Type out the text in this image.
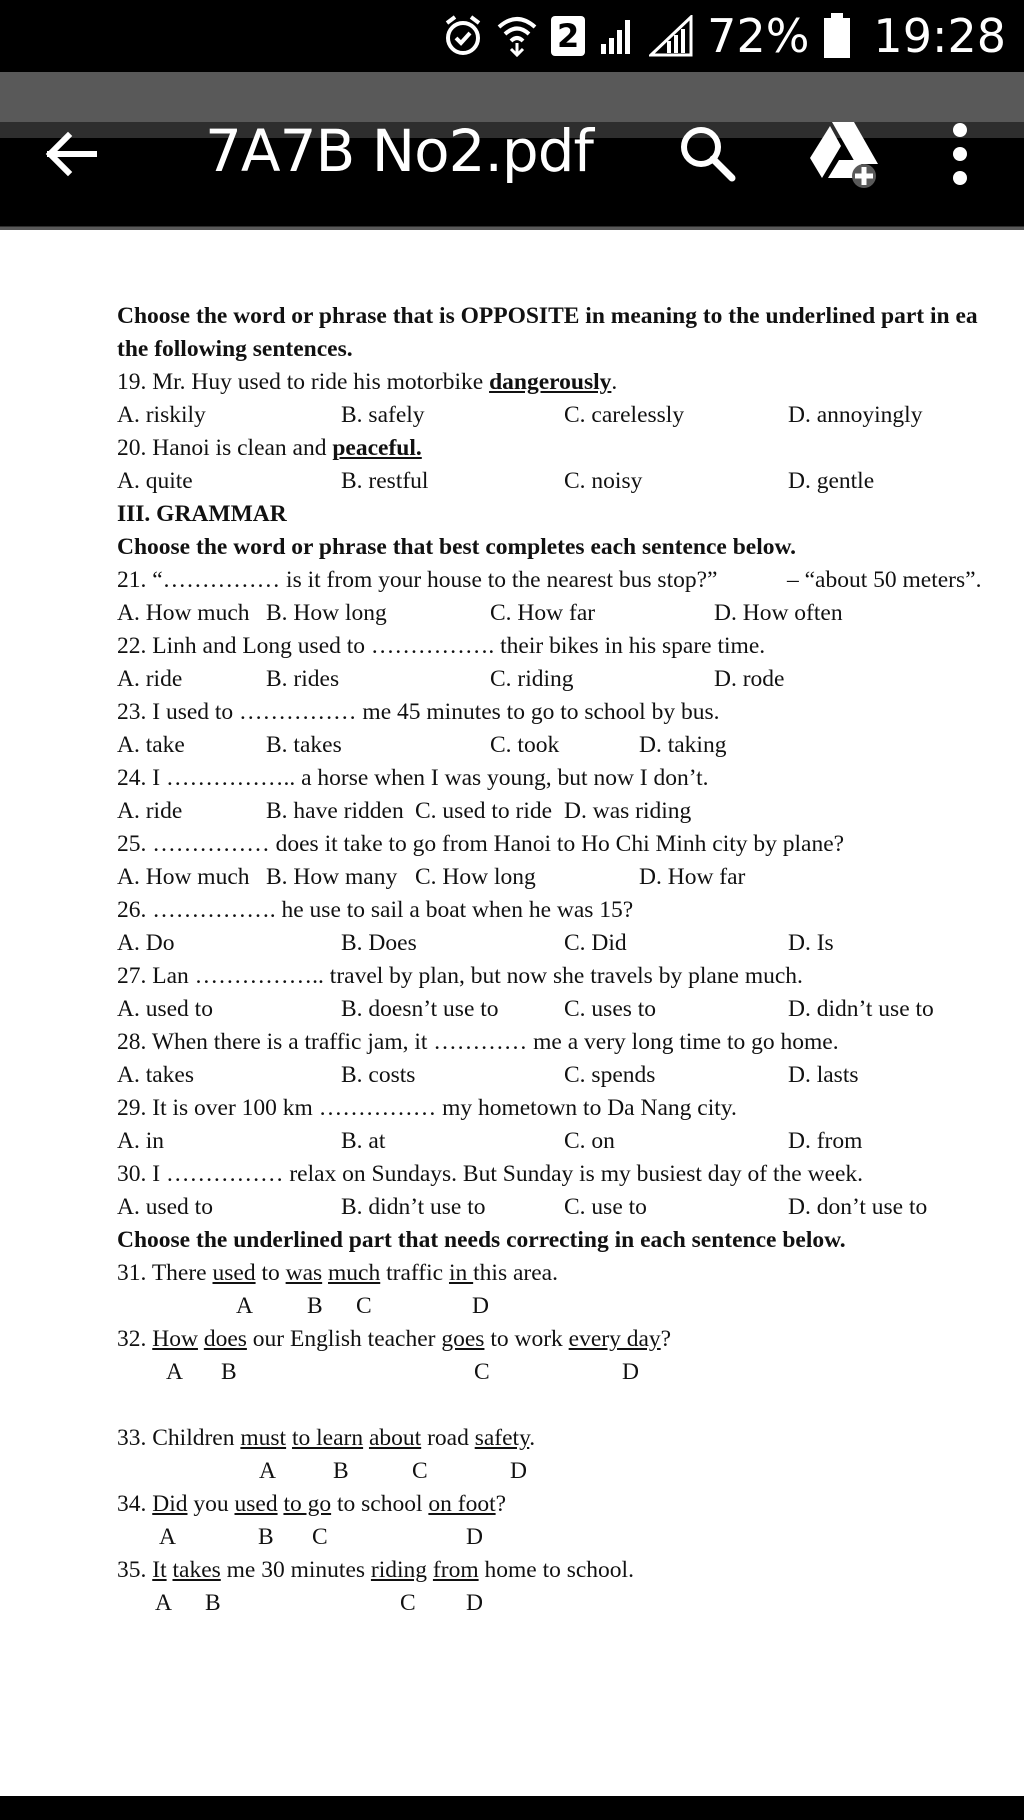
2	72% 19:28
7A7B No2.pdf
Choose the word or phrase that is OPPOSITE in meaning to the underlined part in ea
the following sentences.
19. Mr. Huy used to ride his motorbike dangerously.
A. riskily	B. safely	C. carelessly	D. annoyingly
20. Hanoi is clean and peaceful.
A. quite	B. restful	C. noisy	D. gentle
III. GRAMMAR
Choose the word or phrase that best completes each sentence below.
21. “…………… is it from your house to the nearest bus stop?”	– “about 50 meters”.
A. How much B. How long	C. How far	D. How often
22. Linh and Long used to ……………. their bikes in his spare time.
A. ride	B. rides	C. riding	D. rode
23. I used to …………… me 45 minutes to go to school by bus.
A. take	B. takes	C. took	D. taking
24. I …………….. a horse when I was young, but now I don’t.
A. ride	B. have ridden C. used to ride D. was riding
25. …………… does it take to go from Hanoi to Ho Chi Minh city by plane?
A. How much B. How many C. How long	D. How far
26. ……………. he use to sail a boat when he was 15?
A. Do	B. Does	C. Did	D. Is
27. Lan …………….. travel by plan, but now she travels by plane much.
A. used to	B. doesn’t use to	C. uses to	D. didn’t use to
28. When there is a traffic jam, it ………… me a very long time to go home.
A. takes	B. costs	C. spends	D. lasts
29. It is over 100 km …………… my hometown to Da Nang city.
A. in	B. at	C. on	D. from
30. I …………… relax on Sundays. But Sunday is my busiest day of the week.
A. used to	B. didn’t use to	C. use to	D. don’t use to
Choose the underlined part that needs correcting in each sentence below.
31. There used to was much traffic in this area.
A B C	D
32. How does our English teacher goes to work every day?
A B	C	D
33. Children must to learn about road safety.
A B	C	D
34. Did you used to go to school on foot?
A	B C	D
35. It takes me 30 minutes riding from home to school.
A B	C D
